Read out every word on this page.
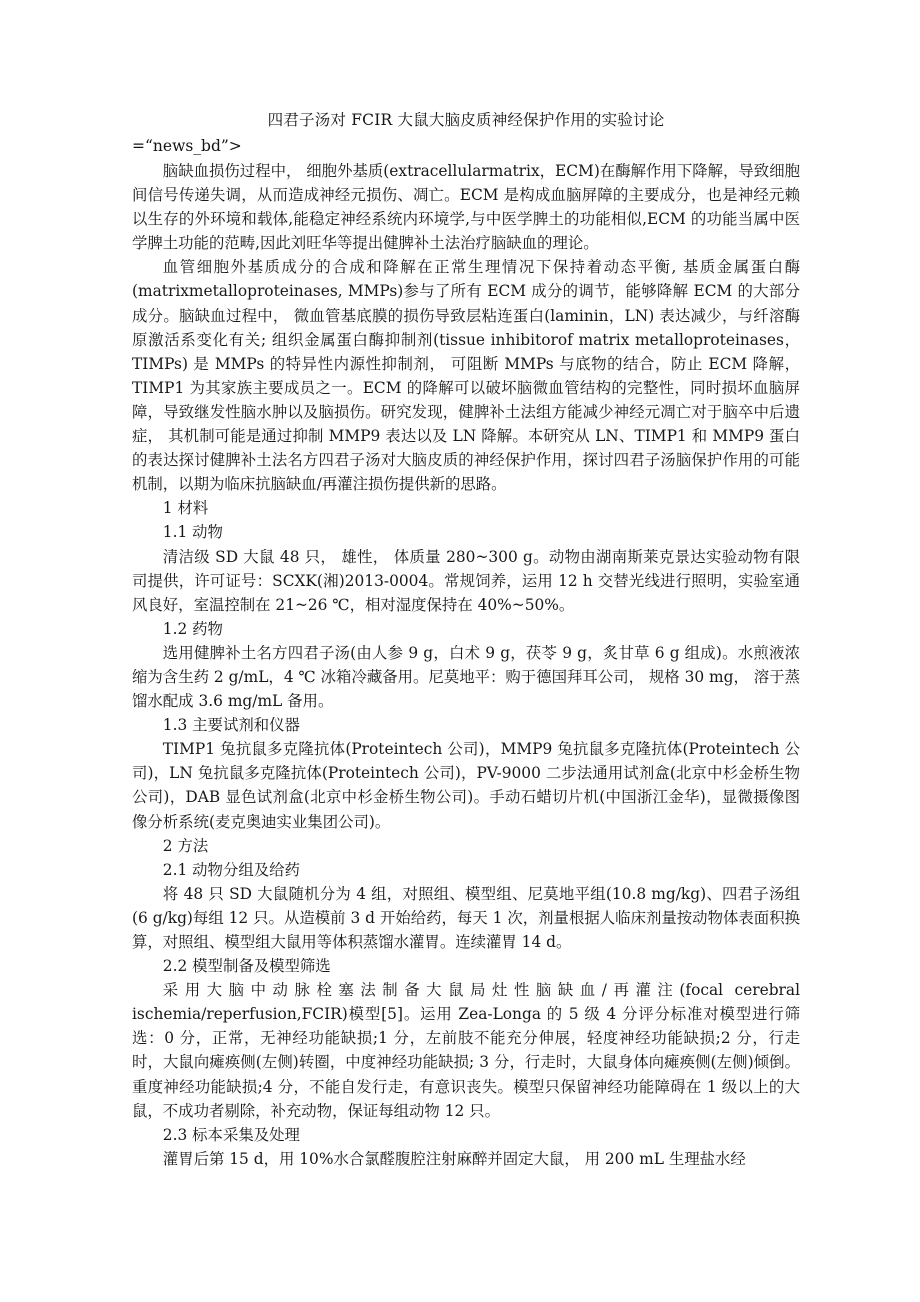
四君子汤对 FCIR 大鼠大脑皮质神经保护作用的实验讨论

=“news_bd”>

脑缺血损伤过程中， 细胞外基质(extracellularmatrix，ECM)在酶解作用下降解，导致细胞间信号传递失调，从而造成神经元损伤、凋亡。ECM 是构成血脑屏障的主要成分，也是神经元赖以生存的外环境和载体,能稳定神经系统内环境学,与中医学脾土的功能相似,ECM 的功能当属中医学脾土功能的范畴,因此刘旺华等提出健脾补土法治疗脑缺血的理论。

血管细胞外基质成分的合成和降解在正常生理情况下保持着动态平衡, 基质金属蛋白酶(matrixmetalloproteinases, MMPs)参与了所有 ECM 成分的调节，能够降解 ECM 的大部分成分。脑缺血过程中， 微血管基底膜的损伤导致层粘连蛋白(laminin，LN) 表达减少，与纤溶酶原激活系变化有关; 组织金属蛋白酶抑制剂(tissue inhibitorof matrix metalloproteinases，TIMPs) 是 MMPs 的特异性内源性抑制剂， 可阻断 MMPs 与底物的结合，防止 ECM 降解，TIMP1 为其家族主要成员之一。ECM 的降解可以破坏脑微血管结构的完整性，同时损坏血脑屏障，导致继发性脑水肿以及脑损伤。研究发现，健脾补土法组方能减少神经元凋亡对于脑卒中后遗症， 其机制可能是通过抑制 MMP9 表达以及 LN 降解。本研究从 LN、TIMP1 和 MMP9 蛋白的表达探讨健脾补土法名方四君子汤对大脑皮质的神经保护作用，探讨四君子汤脑保护作用的可能机制，以期为临床抗脑缺血/再灌注损伤提供新的思路。

1 材料

1.1 动物

清洁级 SD 大鼠 48 只， 雄性， 体质量 280~300 g。动物由湖南斯莱克景达实验动物有限司提供，许可证号：SCXK(湘)2013-0004。常规饲养，运用 12 h 交替光线进行照明，实验室通风良好，室温控制在 21~26 ℃，相对湿度保持在 40%~50%。

1.2 药物

选用健脾补土名方四君子汤(由人参 9 g，白术 9 g，茯苓 9 g，炙甘草 6 g 组成)。水煎液浓缩为含生药 2 g/mL，4 ℃ 冰箱冷藏备用。尼莫地平：购于德国拜耳公司， 规格 30 mg， 溶于蒸馏水配成 3.6 mg/mL 备用。

1.3 主要试剂和仪器

TIMP1 兔抗鼠多克隆抗体(Proteintech 公司)，MMP9 兔抗鼠多克隆抗体(Proteintech 公司)，LN 兔抗鼠多克隆抗体(Proteintech 公司)，PV-9000 二步法通用试剂盒(北京中杉金桥生物公司)，DAB 显色试剂盒(北京中杉金桥生物公司)。手动石蜡切片机(中国浙江金华)，显微摄像图像分析系统(麦克奥迪实业集团公司)。

2 方法

2.1 动物分组及给药

将 48 只 SD 大鼠随机分为 4 组，对照组、模型组、尼莫地平组(10.8 mg/kg)、四君子汤组(6 g/kg)每组 12 只。从造模前 3 d 开始给药，每天 1 次，剂量根据人临床剂量按动物体表面积换算，对照组、模型组大鼠用等体积蒸馏水灌胃。连续灌胃 14 d。

2.2 模型制备及模型筛选

采用大脑中动脉栓塞法制备大鼠局灶性脑缺血/再灌注(focal cerebral ischemia/reperfusion,FCIR)模型[5]。运用 Zea-Longa 的 5 级 4 分评分标准对模型进行筛选：0 分，正常，无神经功能缺损;1 分，左前肢不能充分伸展，轻度神经功能缺损;2 分，行走时，大鼠向瘫痪侧(左侧)转圈，中度神经功能缺损; 3 分，行走时，大鼠身体向瘫痪侧(左侧)倾倒。重度神经功能缺损;4 分，不能自发行走，有意识丧失。模型只保留神经功能障碍在 1 级以上的大鼠，不成功者剔除，补充动物，保证每组动物 12 只。

2.3 标本采集及处理

灌胃后第 15 d，用 10%水合氯醛腹腔注射麻醉并固定大鼠， 用 200 mL 生理盐水经
